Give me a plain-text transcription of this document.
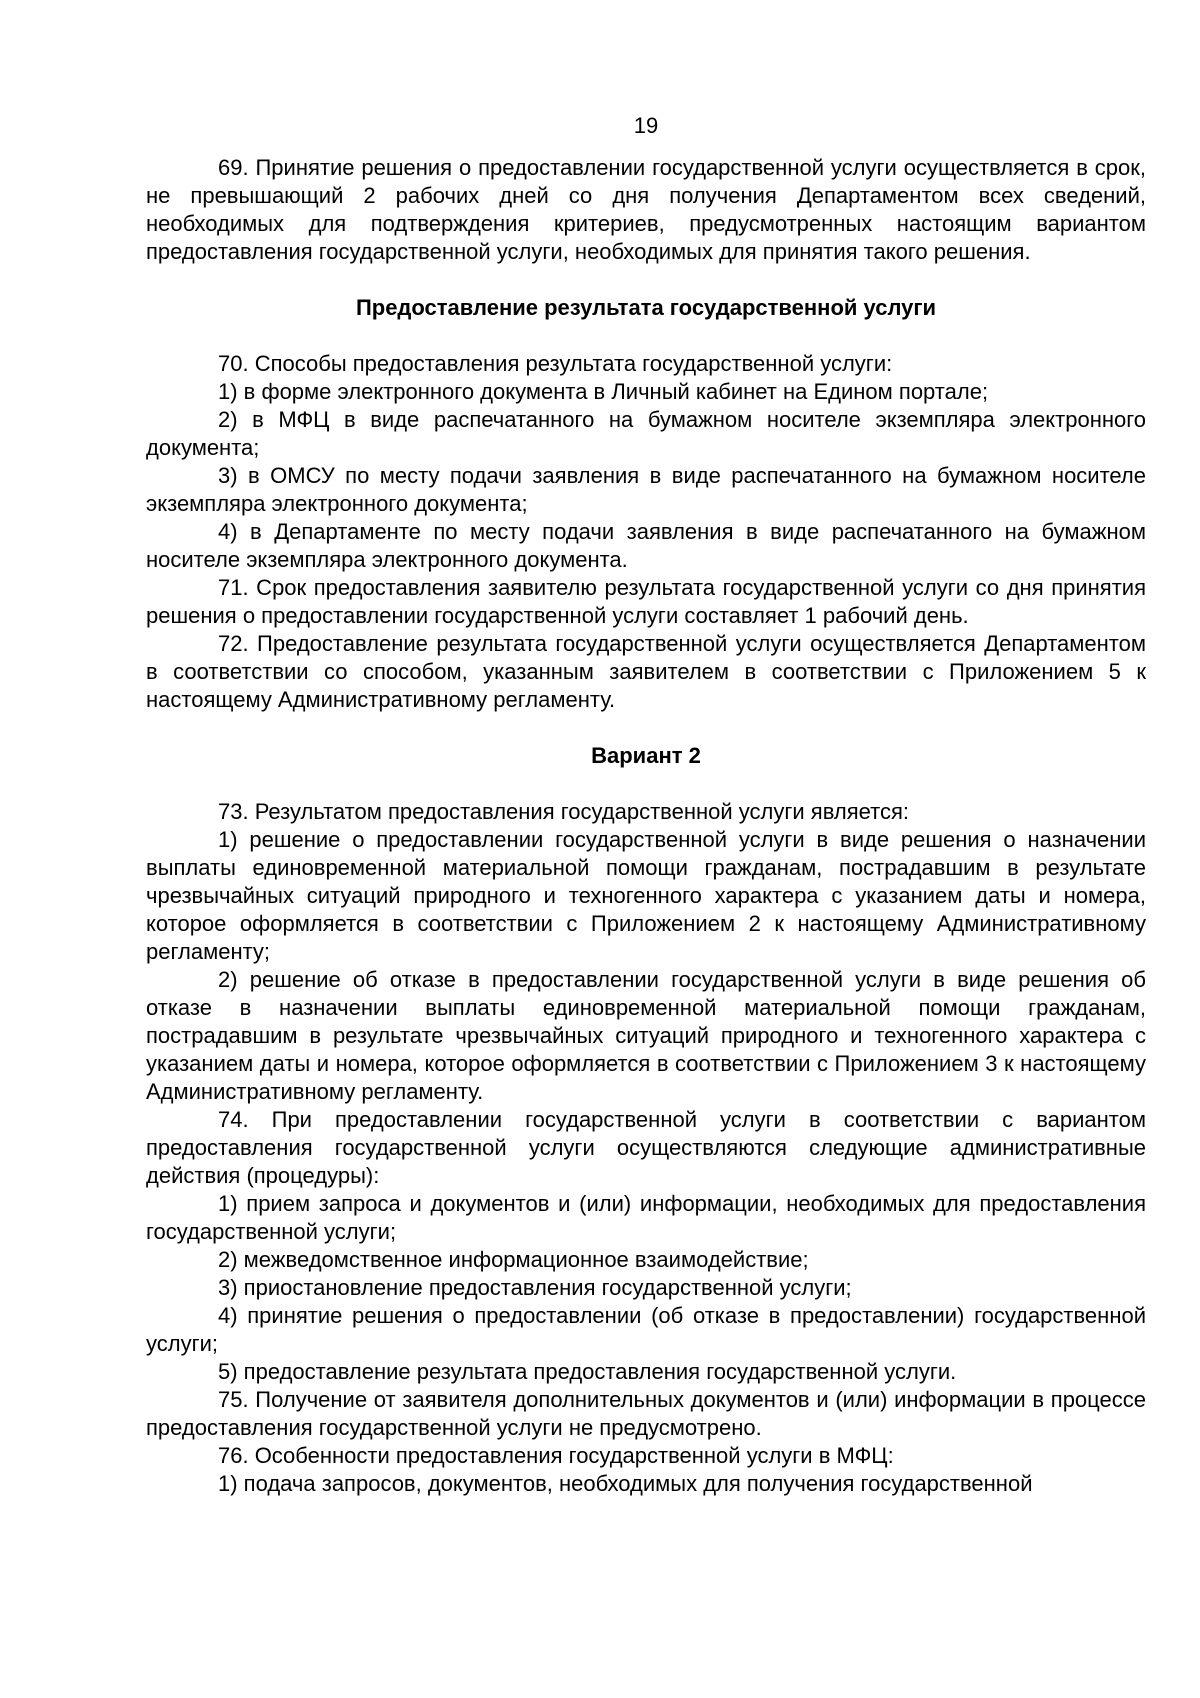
19

69. Принятие решения о предоставлении государственной услуги осуществляется в срок, не превышающий 2 рабочих дней со дня получения Департаментом всех сведений, необходимых для подтверждения критериев, предусмотренных настоящим вариантом предоставления государственной услуги, необходимых для принятия такого решения.

Предоставление результата государственной услуги

70. Способы предоставления результата государственной услуги:

1) в форме электронного документа в Личный кабинет на Едином портале;

2) в МФЦ в виде распечатанного на бумажном носителе экземпляра электронного документа;

3) в ОМСУ по месту подачи заявления в виде распечатанного на бумажном носителе экземпляра электронного документа;

4) в Департаменте по месту подачи заявления в виде распечатанного на бумажном носителе экземпляра электронного документа.

71. Срок предоставления заявителю результата государственной услуги со дня принятия решения о предоставлении государственной услуги составляет 1 рабочий день.

72. Предоставление результата государственной услуги осуществляется Департаментом в соответствии со способом, указанным заявителем в соответствии с Приложением 5 к настоящему Административному регламенту.

Вариант 2

73. Результатом предоставления государственной услуги является:

1) решение о предоставлении государственной услуги в виде решения о назначении выплаты единовременной материальной помощи гражданам, пострадавшим в результате чрезвычайных ситуаций природного и техногенного характера с указанием даты и номера, которое оформляется в соответствии с Приложением 2 к настоящему Административному регламенту;

2) решение об отказе в предоставлении государственной услуги в виде решения об отказе в назначении выплаты единовременной материальной помощи гражданам, пострадавшим в результате чрезвычайных ситуаций природного и техногенного характера с указанием даты и номера, которое оформляется в соответствии с Приложением 3 к настоящему Административному регламенту.

74. При предоставлении государственной услуги в соответствии с вариантом предоставления государственной услуги осуществляются следующие административные действия (процедуры):

1) прием запроса и документов и (или) информации, необходимых для предоставления государственной услуги;

2) межведомственное информационное взаимодействие;

3) приостановление предоставления государственной услуги;

4) принятие решения о предоставлении (об отказе в предоставлении) государственной услуги;

5) предоставление результата предоставления государственной услуги.

75. Получение от заявителя дополнительных документов и (или) информации в процессе предоставления государственной услуги не предусмотрено.

76. Особенности предоставления государственной услуги в МФЦ:

1) подача запросов, документов, необходимых для получения государственной
